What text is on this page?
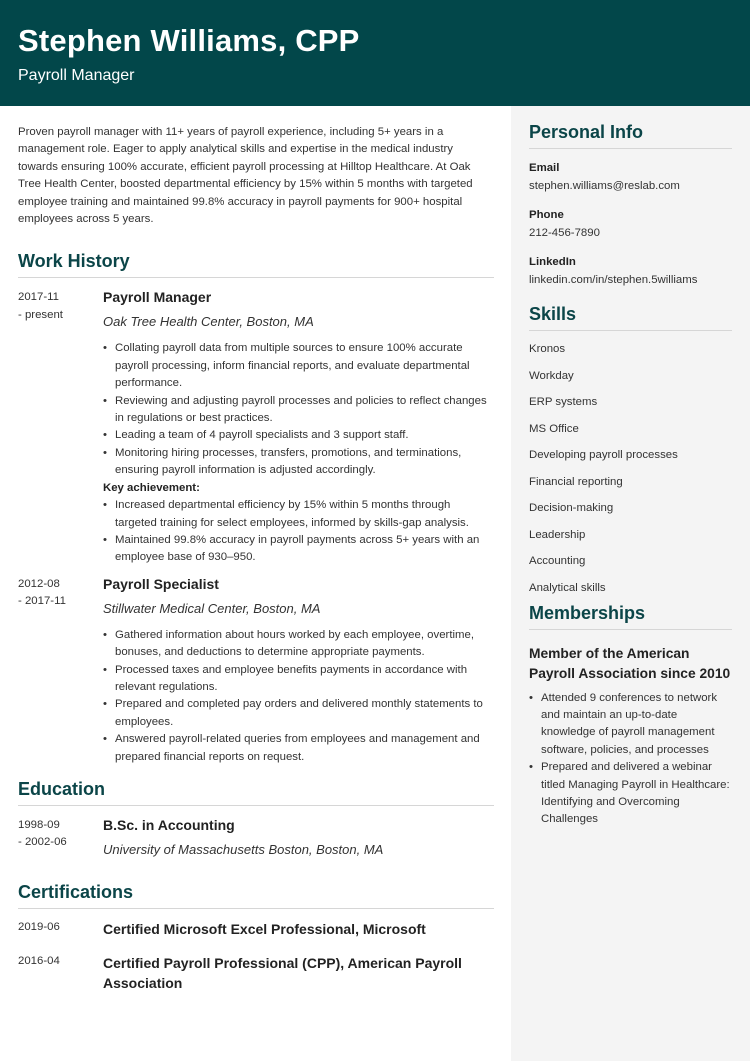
Stephen Williams, CPP
Payroll Manager

Proven payroll manager with 11+ years of payroll experience, including 5+ years in a management role. Eager to apply analytical skills and expertise in the medical industry towards ensuring 100% accurate, efficient payroll processing at Hilltop Healthcare. At Oak Tree Health Center, boosted departmental efficiency by 15% within 5 months with targeted employee training and maintained 99.8% accuracy in payroll payments for 900+ hospital employees across 5 years.

Work History
2017-11
- present
Payroll Manager
Oak Tree Health Center, Boston, MA
• Collating payroll data from multiple sources to ensure 100% accurate payroll processing, inform financial reports, and evaluate departmental performance.
• Reviewing and adjusting payroll processes and policies to reflect changes in regulations or best practices.
• Leading a team of 4 payroll specialists and 3 support staff.
• Monitoring hiring processes, transfers, promotions, and terminations, ensuring payroll information is adjusted accordingly.
Key achievement:
• Increased departmental efficiency by 15% within 5 months through targeted training for select employees, informed by skills-gap analysis.
• Maintained 99.8% accuracy in payroll payments across 5+ years with an employee base of 930–950.
2012-08
- 2017-11
Payroll Specialist
Stillwater Medical Center, Boston, MA
• Gathered information about hours worked by each employee, overtime, bonuses, and deductions to determine appropriate payments.
• Processed taxes and employee benefits payments in accordance with relevant regulations.
• Prepared and completed pay orders and delivered monthly statements to employees.
• Answered payroll-related queries from employees and management and prepared financial reports on request.
Education
1998-09
- 2002-06
B.Sc. in Accounting
University of Massachusetts Boston, Boston, MA
Certifications
2019-06	Certified Microsoft Excel Professional, Microsoft
2016-04	Certified Payroll Professional (CPP), American Payroll Association
Personal Info
Email
stephen.williams@reslab.com
Phone
212-456-7890
LinkedIn
linkedin.com/in/stephen.5williams
Skills
Kronos
Workday
ERP systems
MS Office
Developing payroll processes
Financial reporting
Decision-making
Leadership
Accounting
Analytical skills
Memberships
Member of the American Payroll Association since 2010
• Attended 9 conferences to network and maintain an up-to-date knowledge of payroll management software, policies, and processes
• Prepared and delivered a webinar titled Managing Payroll in Healthcare: Identifying and Overcoming Challenges
